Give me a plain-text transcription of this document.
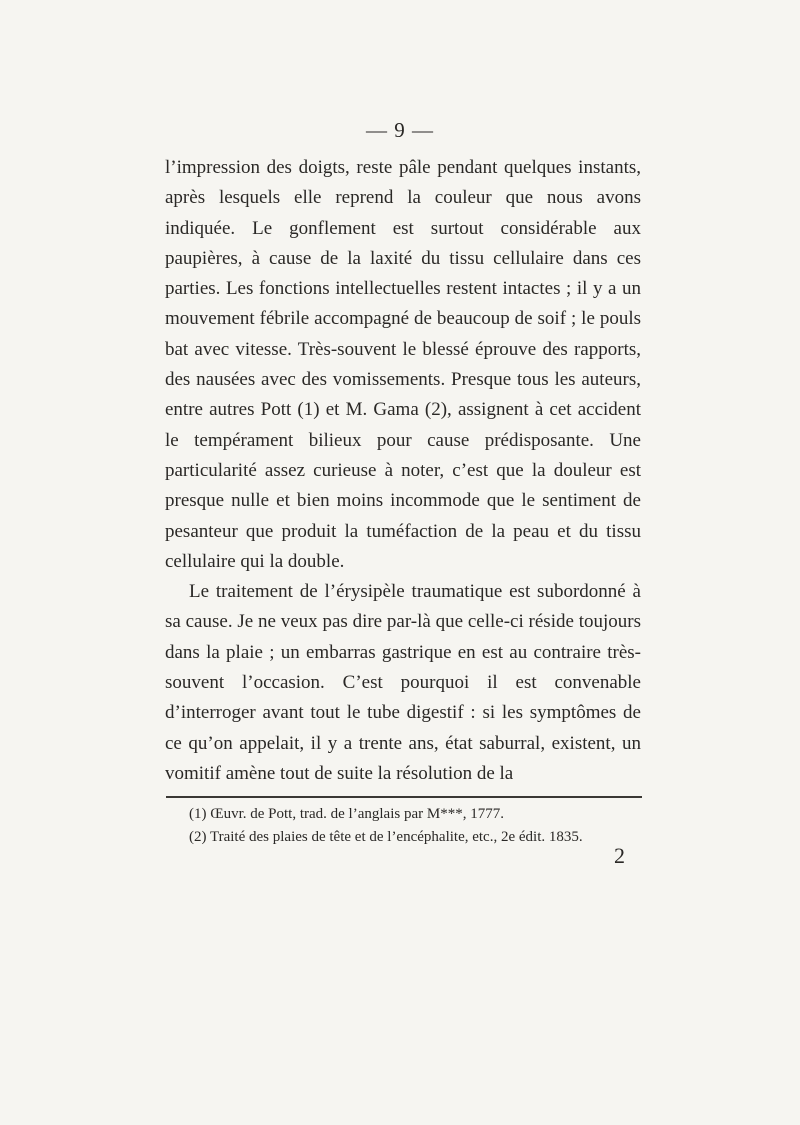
— 9 —

l’impression des doigts, reste pâle pendant quelques instants, après lesquels elle reprend la couleur que nous avons indiquée. Le gonflement est surtout considérable aux paupières, à cause de la laxité du tissu cellulaire dans ces parties. Les fonctions intellectuelles restent intactes ; il y a un mouvement fébrile accompagné de beaucoup de soif ; le pouls bat avec vitesse. Très-souvent le blessé éprouve des rapports, des nausées avec des vomissements. Presque tous les auteurs, entre autres Pott (1) et M. Gama (2), assignent à cet accident le tempérament bilieux pour cause prédisposante. Une particularité assez curieuse à noter, c’est que la douleur est presque nulle et bien moins incommode que le sentiment de pesanteur que produit la tuméfaction de la peau et du tissu cellulaire qui la double.

Le traitement de l’érysipèle traumatique est subordonné à sa cause. Je ne veux pas dire par-là que celle-ci réside toujours dans la plaie ; un embarras gastrique en est au contraire très-souvent l’occasion. C’est pourquoi il est convenable d’interroger avant tout le tube digestif : si les symptômes de ce qu’on appelait, il y a trente ans, état saburral, existent, un vomitif amène tout de suite la résolution de la

(1) Œuvr. de Pott, trad. de l’anglais par M***, 1777.

(2) Traité des plaies de tête et de l’encéphalite, etc., 2e édit. 1835.

2
